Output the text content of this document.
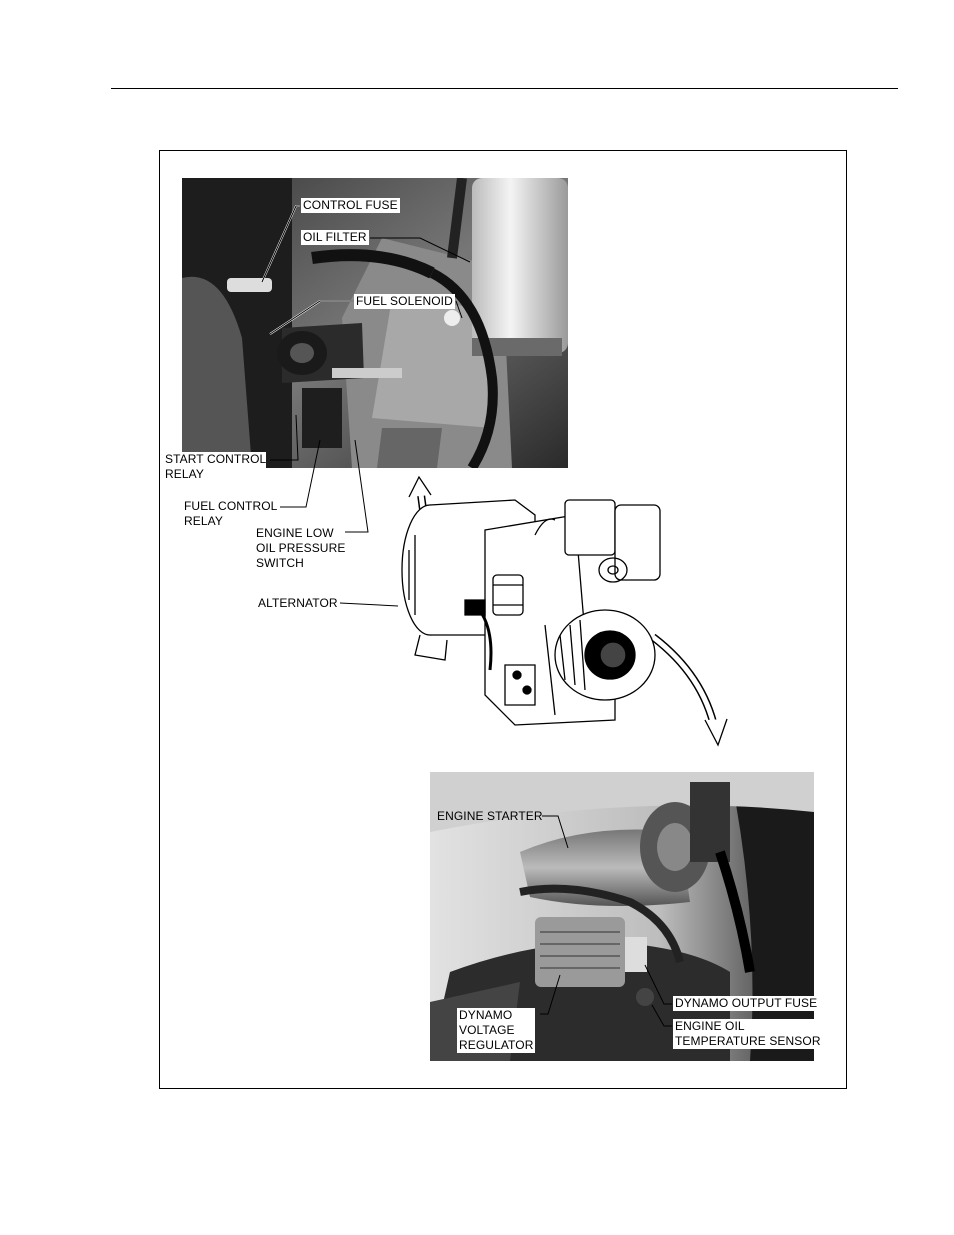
CONTROL FUSE
OIL FILTER
FUEL SOLENOID
START CONTROL
RELAY
FUEL CONTROL
RELAY
ENGINE LOW
OIL PRESSURE
SWITCH
ALTERNATOR
ENGINE STARTER
DYNAMO OUTPUT FUSE
ENGINE OIL
TEMPERATURE SENSOR
DYNAMO
VOLTAGE
REGULATOR
